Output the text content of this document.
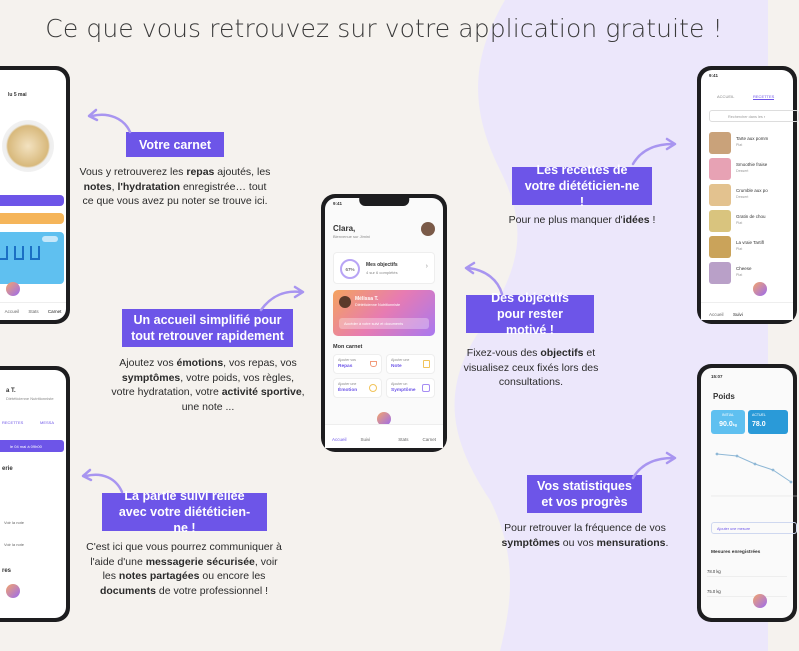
Ce que vous retrouvez sur votre application gratuite !
lu 5 mai
Accueil Stats Carnet
a T.
Diététicienne Nutritionniste
RECETTES	MESSA
le 04 mai à 09h00
erie
Voir la note
Voir la note
res
9:41
Clara,
Bienvenue sur Jimini
67%
Mes objectifs
4 sur 6 complétés
›
Mélissa T.
Diététicienne Nutritionniste
Accéder à votre suivi et documents
Mon carnet
Ajouter vos
Repas
Ajouter une
Note
Ajouter une
Émotion
Ajouter un
Symptôme
Accueil	Suivi	Stats	Carnet
9:41
ACCUEIL	RECETTES
Rechercher dans les r
Tarte aux pomm
Plat
Smoothie fraise
Dessert
Crumble aux po
Dessert
Gratin de chou
Plat
La vraie Tartifl
Plat
Cheese
Plat
Accueil Suivi
15:07
Poids
INITIAL
90.0kg
ACTUEL
78.0
Ajouter une mesure
Mesures enregistrées
78.0 kg
75.0 kg
Votre carnet
Vous y retrouverez les repas ajoutés, les notes, l'hydratation enregistrée… tout ce que vous avez pu noter se trouve ici.
Un accueil simplifié pour tout retrouver rapidement
Ajoutez vos émotions, vos repas, vos symptômes, votre poids, vos règles, votre hydratation, votre activité sportive, une note ...
La partie suivi reliée avec votre diététicien-ne !
C'est ici que vous pourrez communiquer à l'aide d'une messagerie sécurisée, voir les notes partagées ou encore les documents de votre professionnel !
Les recettes de votre diététicien-ne !
Pour ne plus manquer d'idées !
Des objectifs pour rester motivé !
Fixez-vous des objectifs et visualisez ceux fixés lors des consultations.
Vos statistiques et vos progrès
Pour retrouver la fréquence de vos symptômes ou vos mensurations.
